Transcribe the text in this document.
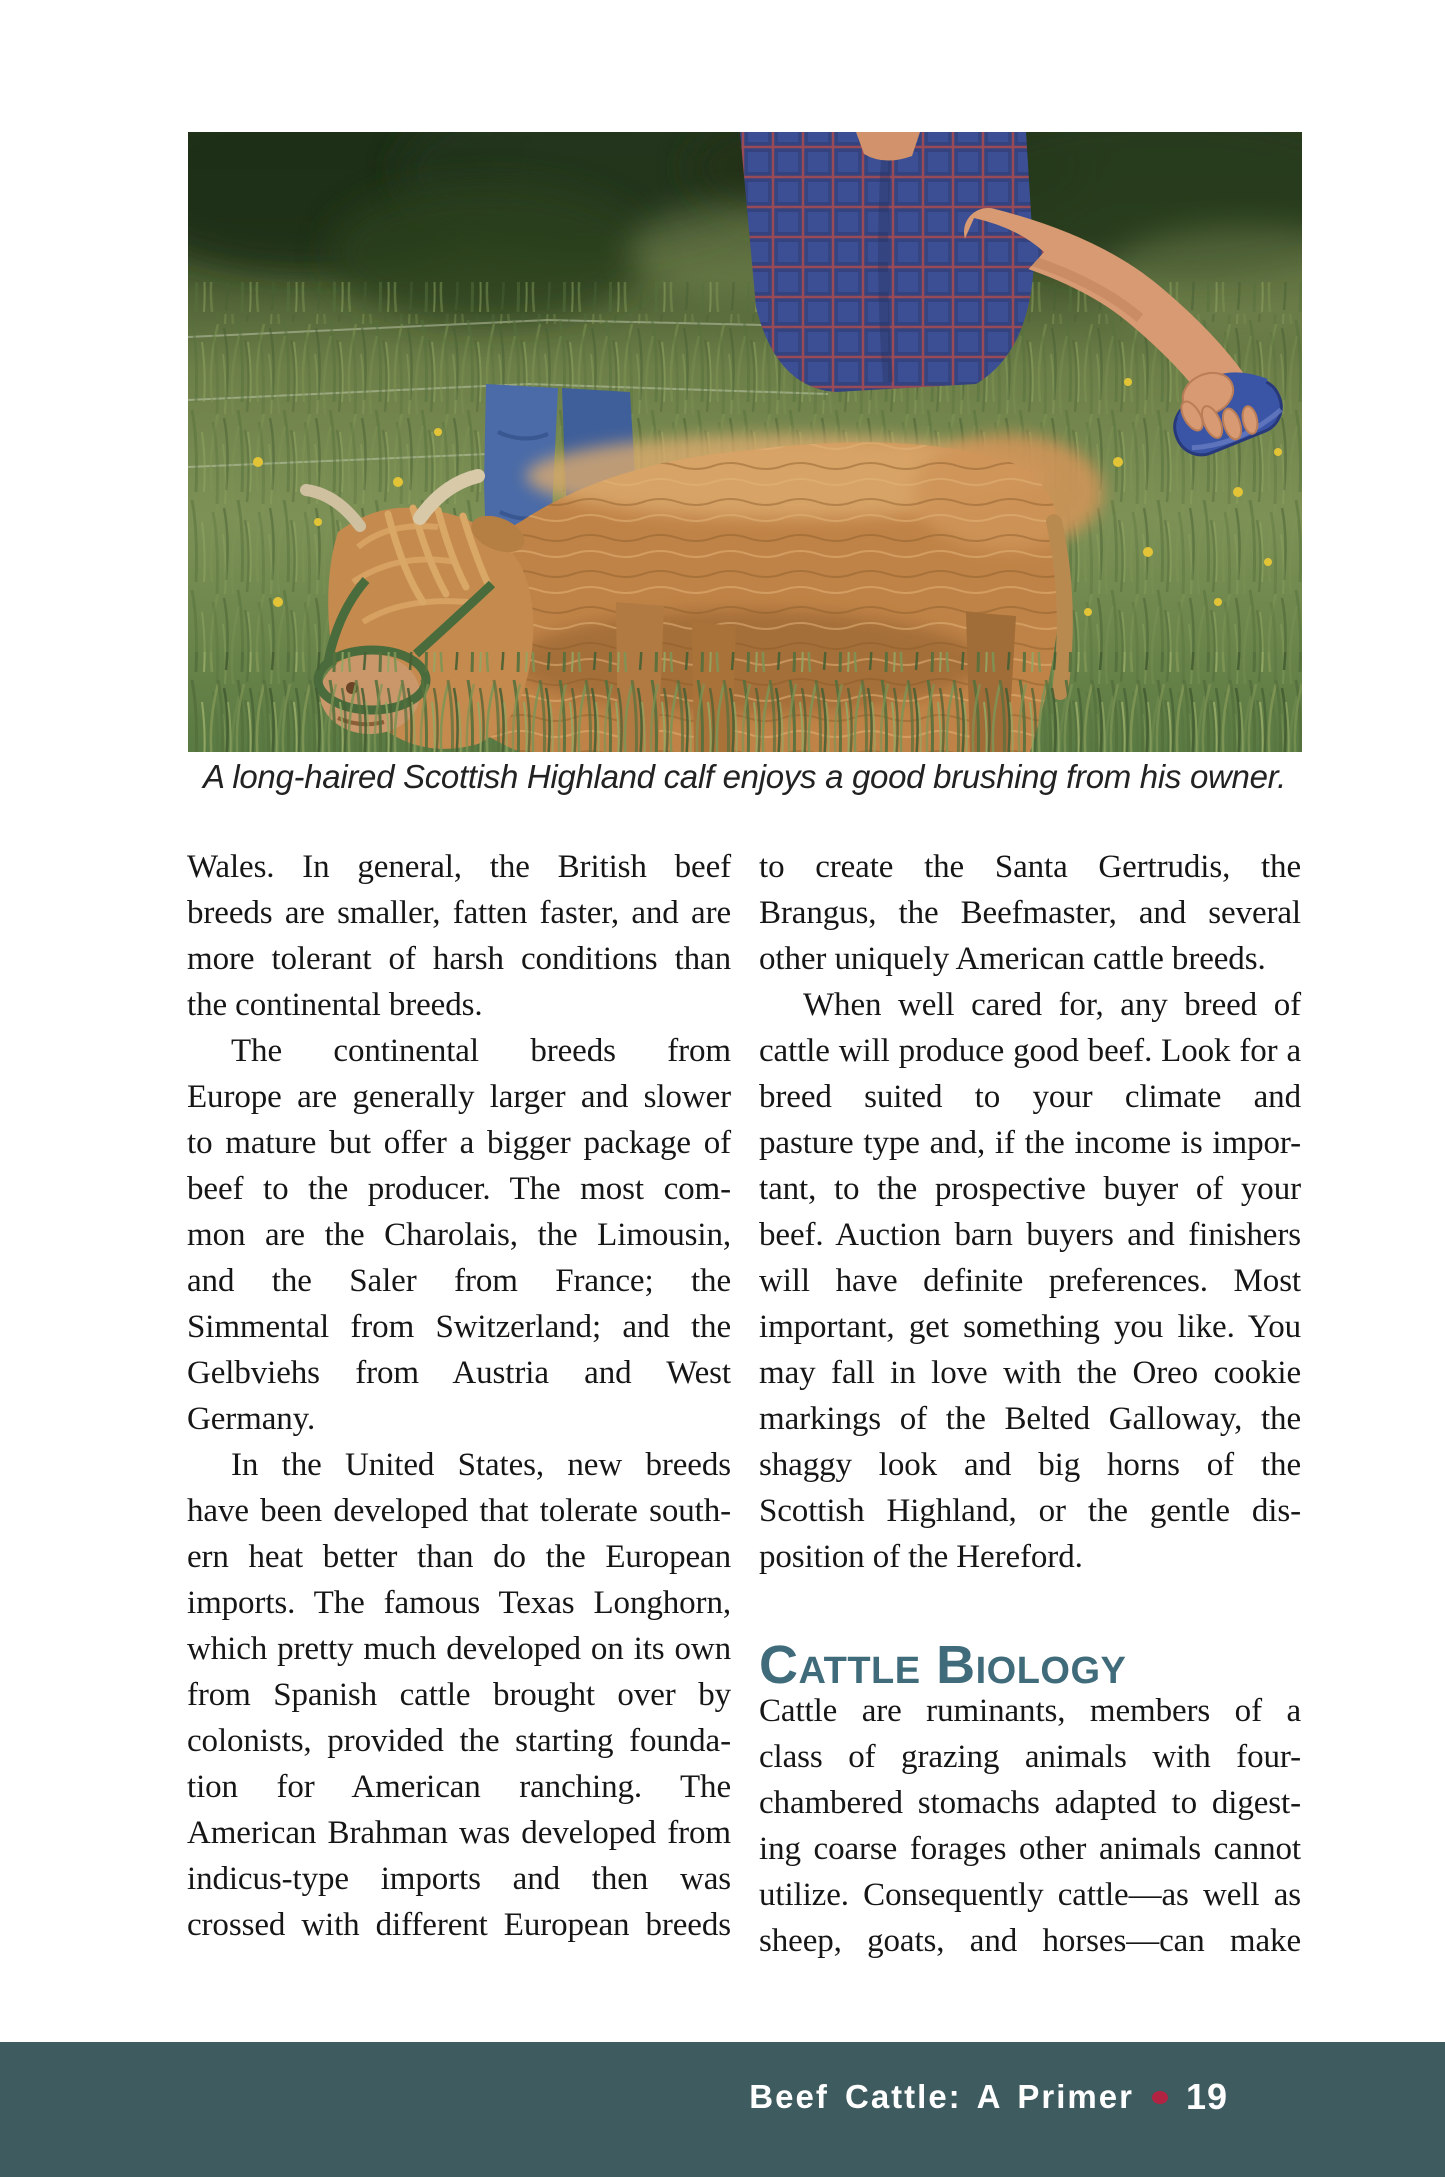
A long-haired Scottish Highland calf enjoys a good brushing from his owner.
Wales. In general, the British beef
breeds are smaller, fatten faster, and are
more tolerant of harsh conditions than
the continental breeds.
The continental breeds from
Europe are generally larger and slower
to mature but offer a bigger package of
beef to the producer. The most com-
mon are the Charolais, the Limousin,
and the Saler from France; the
Simmental from Switzerland; and the
Gelbviehs from Austria and West
Germany.
In the United States, new breeds
have been developed that tolerate south-
ern heat better than do the European
imports. The famous Texas Longhorn,
which pretty much developed on its own
from Spanish cattle brought over by
colonists, provided the starting founda-
tion for American ranching. The
American Brahman was developed from
indicus-type imports and then was
crossed with different European breeds
to create the Santa Gertrudis, the
Brangus, the Beefmaster, and several
other uniquely American cattle breeds.
When well cared for, any breed of
cattle will produce good beef. Look for a
breed suited to your climate and
pasture type and, if the income is impor-
tant, to the prospective buyer of your
beef. Auction barn buyers and finishers
will have definite preferences. Most
important, get something you like. You
may fall in love with the Oreo cookie
markings of the Belted Galloway, the
shaggy look and big horns of the
Scottish Highland, or the gentle dis-
position of the Hereford.
Cattle Biology
Cattle are ruminants, members of a
class of grazing animals with four-
chambered stomachs adapted to digest-
ing coarse forages other animals cannot
utilize. Consequently cattle—as well as
sheep, goats, and horses—can make
Beef Cattle: A Primer 19
